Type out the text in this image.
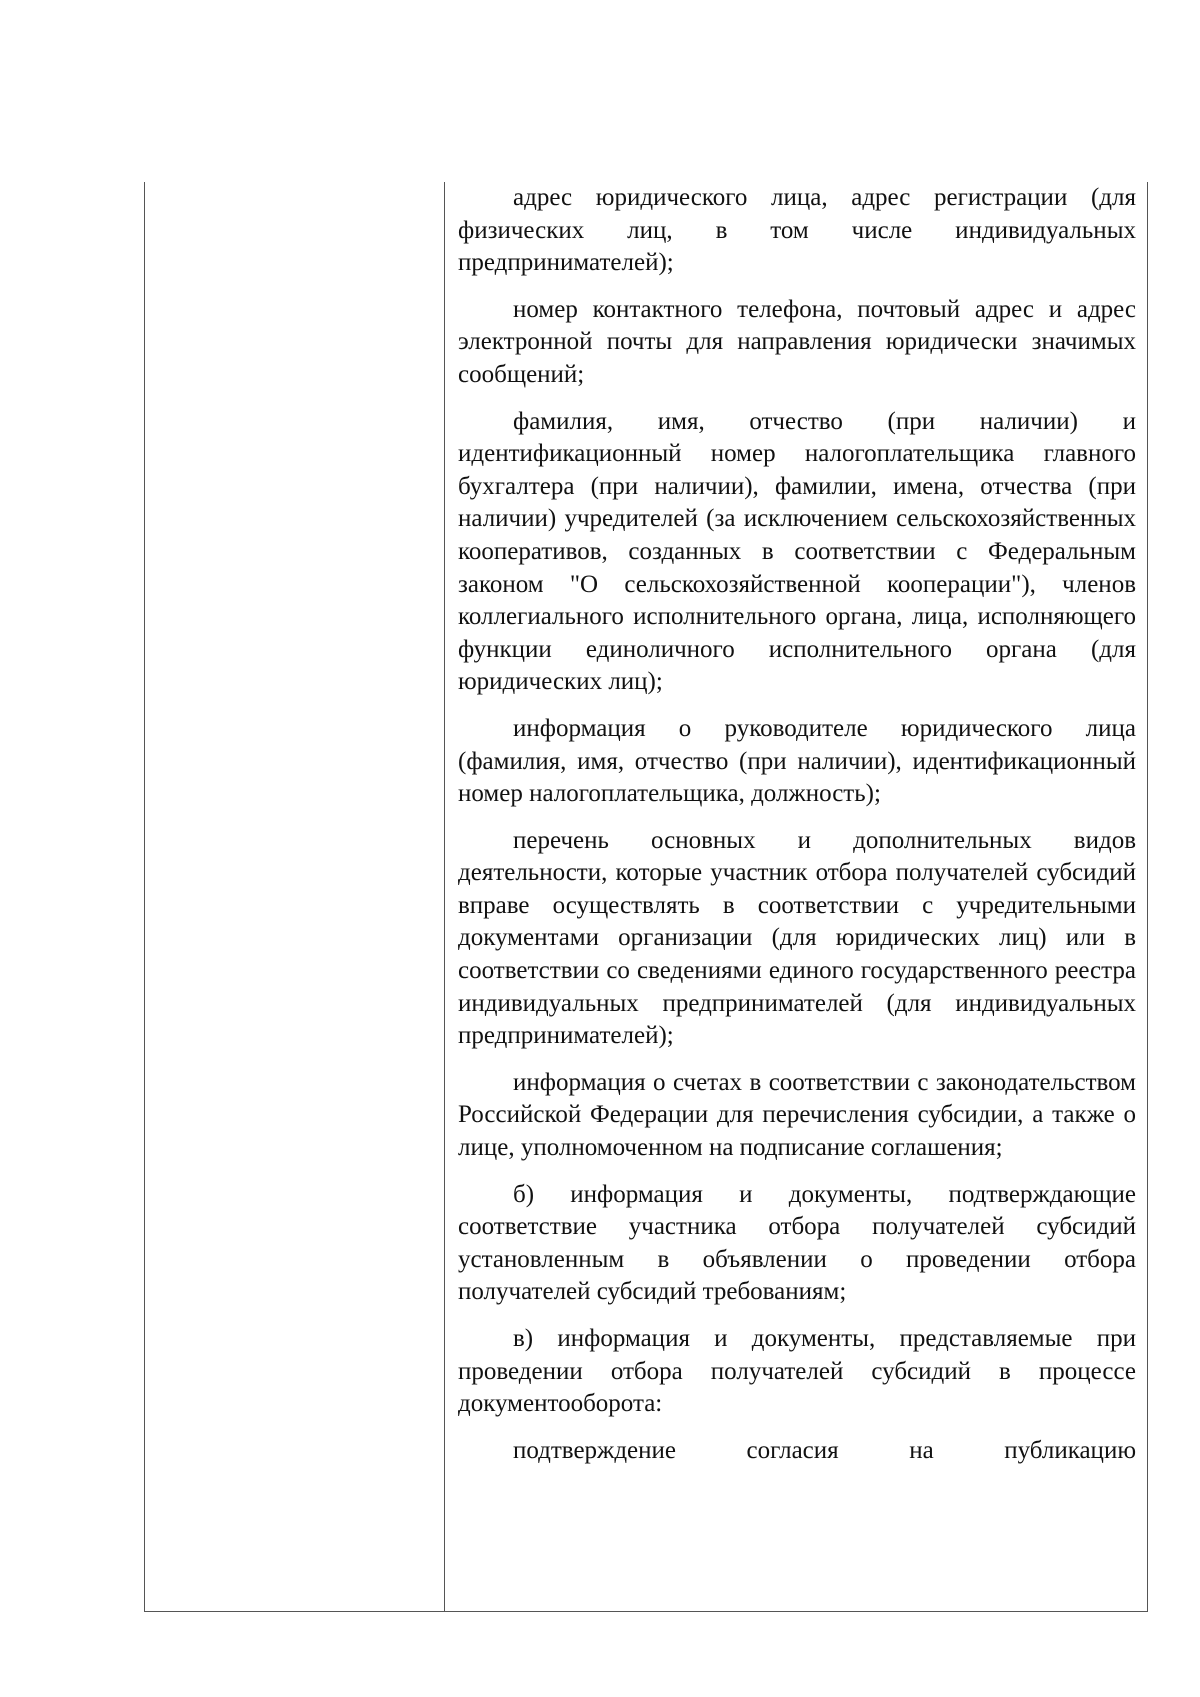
адрес юридического лица, адрес регистрации (для физических лиц, в том числе индивидуальных предпринимателей);

номер контактного телефона, почтовый адрес и адрес электронной почты для направления юридически значимых сообщений;

фамилия, имя, отчество (при наличии) и идентификационный номер налогоплательщика главного бухгалтера (при наличии), фамилии, имена, отчества (при наличии) учредителей (за исключением сельскохозяйственных кооперативов, созданных в соответствии с Федеральным законом "О сельскохозяйственной кооперации"), членов коллегиального исполнительного органа, лица, исполняющего функции единоличного исполнительного органа (для юридических лиц);

информация о руководителе юридического лица (фамилия, имя, отчество (при наличии), идентификационный номер налогоплательщика, должность);

перечень основных и дополнительных видов деятельности, которые участник отбора получателей субсидий вправе осуществлять в соответствии с учредительными документами организации (для юридических лиц) или в соответствии со сведениями единого государственного реестра индивидуальных предпринимателей (для индивидуальных предпринимателей);

информация о счетах в соответствии с законодательством Российской Федерации для перечисления субсидии, а также о лице, уполномоченном на подписание соглашения;

б) информация и документы, подтверждающие соответствие участника отбора получателей субсидий установленным в объявлении о проведении отбора получателей субсидий требованиям;

в) информация и документы, представляемые при проведении отбора получателей субсидий в процессе документооборота:

подтверждение согласия на публикацию
